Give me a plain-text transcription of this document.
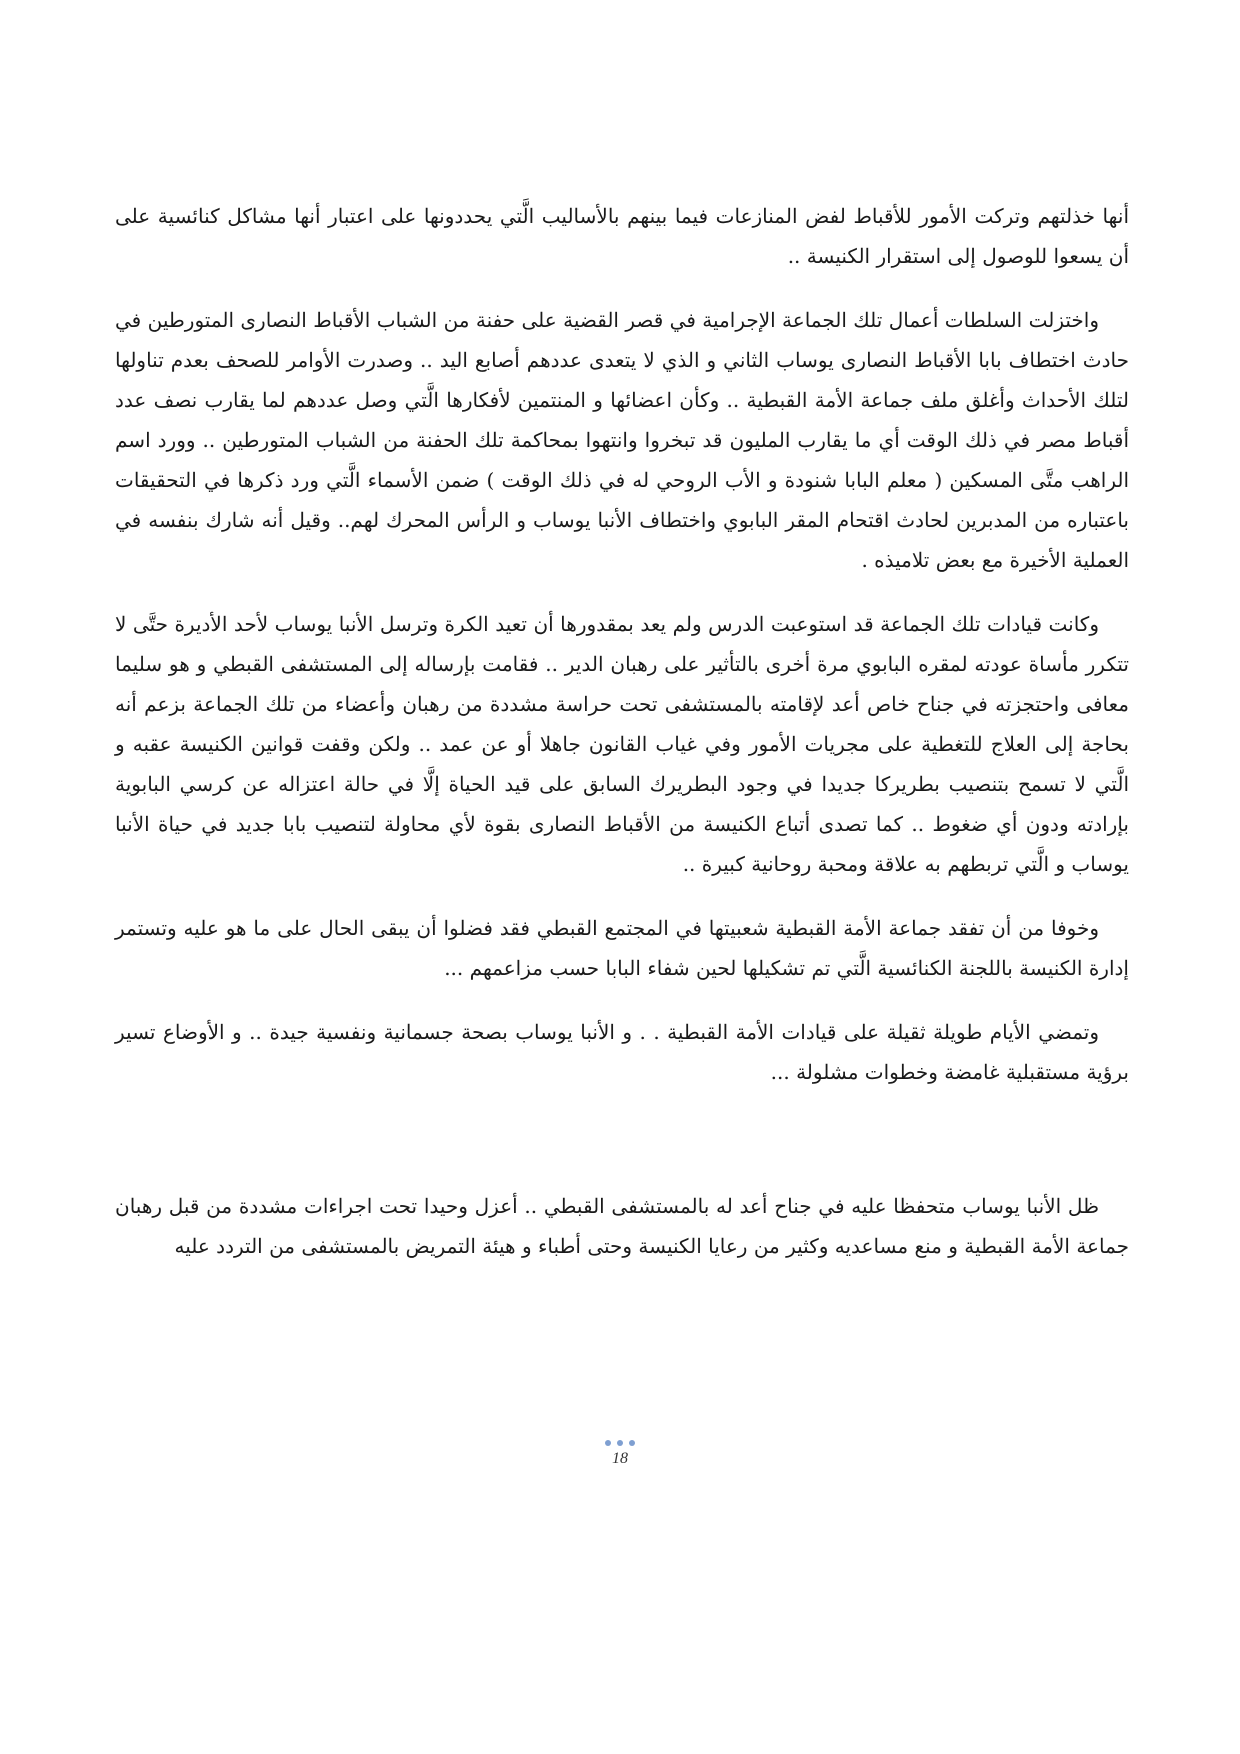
أنها خذلتهم وتركت الأمور للأقباط لفض المنازعات فيما بينهم بالأساليب الَّتي يحددونها على اعتبار أنها مشاكل كنائسية على أن يسعوا للوصول إلى استقرار الكنيسة ..

واختزلت السلطات أعمال تلك الجماعة الإجرامية في قصر القضية على حفنة من الشباب الأقباط النصارى المتورطين في حادث اختطاف بابا الأقباط النصارى يوساب الثاني و الذي لا يتعدى عددهم أصابع اليد .. وصدرت الأوامر للصحف بعدم تناولها لتلك الأحداث وأغلق ملف جماعة الأمة القبطية .. وكأن اعضائها و المنتمين لأفكارها الَّتي وصل عددهم لما يقارب نصف عدد أقباط مصر في ذلك الوقت أي ما يقارب المليون قد تبخروا وانتهوا بمحاكمة تلك الحفنة من الشباب المتورطين .. وورد اسم الراهب متَّى المسكين ( معلم البابا شنودة و الأب الروحي له في ذلك الوقت ) ضمن الأسماء الَّتي ورد ذكرها في التحقيقات باعتباره من المدبرين لحادث اقتحام المقر البابوي واختطاف الأنبا يوساب و الرأس المحرك لهم.. وقيل أنه شارك بنفسه في العملية الأخيرة مع بعض تلاميذه .

وكانت قيادات تلك الجماعة قد استوعبت الدرس ولم يعد بمقدورها أن تعيد الكرة وترسل الأنبا يوساب لأحد الأديرة حتَّى لا تتكرر مأساة عودته لمقره البابوي مرة أخرى بالتأثير على رهبان الدير .. فقامت بإرساله إلى المستشفى القبطي و هو سليما معافى واحتجزته في جناح خاص أعد لإقامته بالمستشفى تحت حراسة مشددة من رهبان وأعضاء من تلك الجماعة بزعم أنه بحاجة إلى العلاج للتغطية على مجريات الأمور وفي غياب القانون جاهلا أو عن عمد .. ولكن وقفت قوانين الكنيسة عقبه و الَّتي لا تسمح بتنصيب بطريركا جديدا في وجود البطريرك السابق على قيد الحياة إلَّا في حالة اعتزاله عن كرسي البابوية بإرادته ودون أي ضغوط .. كما تصدى أتباع الكنيسة من الأقباط النصارى بقوة لأي محاولة لتنصيب بابا جديد في حياة الأنبا يوساب و الَّتي تربطهم به علاقة ومحبة روحانية كبيرة ..

وخوفا من أن تفقد جماعة الأمة القبطية شعبيتها في المجتمع القبطي فقد فضلوا أن يبقى الحال على ما هو عليه وتستمر إدارة الكنيسة باللجنة الكنائسية الَّتي تم تشكيلها لحين شفاء البابا حسب مزاعمهم ...

وتمضي الأيام طويلة ثقيلة على قيادات الأمة القبطية . . و الأنبا يوساب بصحة جسمانية ونفسية جيدة .. و الأوضاع تسير برؤية مستقبلية غامضة وخطوات مشلولة ...

ظل الأنبا يوساب متحفظا عليه في جناح أعد له بالمستشفى القبطي .. أعزل وحيدا تحت اجراءات مشددة من قبل رهبان جماعة الأمة القبطية و منع مساعديه وكثير من رعايا الكنيسة وحتى أطباء و هيئة التمريض بالمستشفى من التردد عليه

18
